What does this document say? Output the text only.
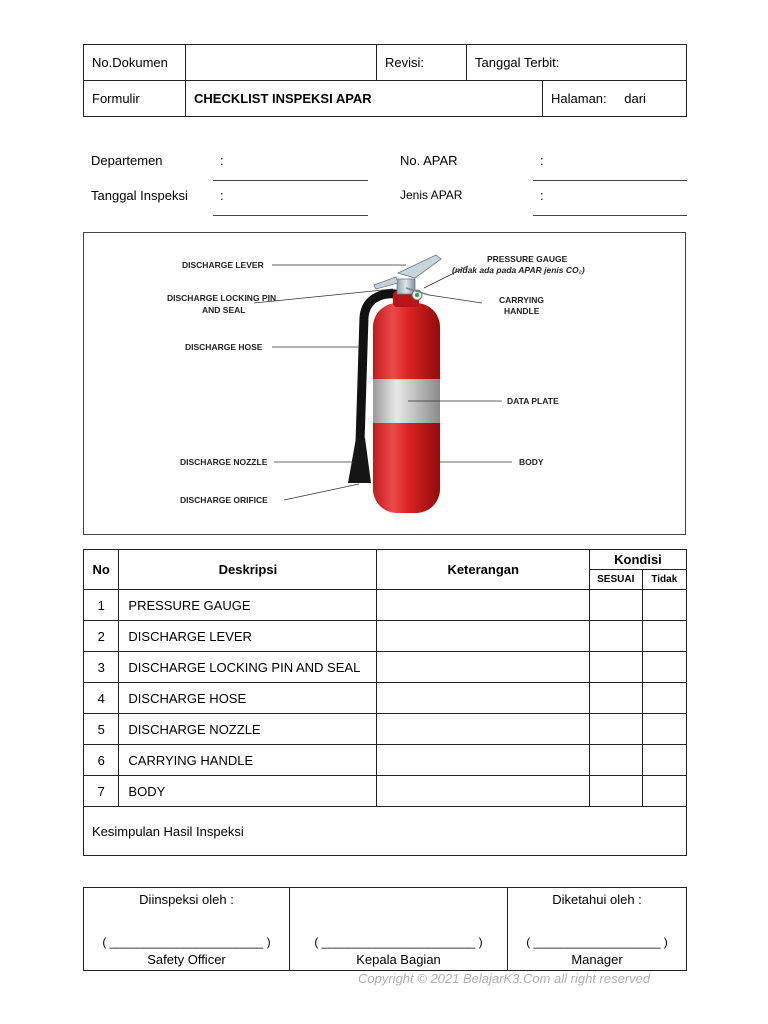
No.Dokumen		Revisi:	Tanggal Terbit:	
Formulir	CHECKLIST INSPEKSI APAR			Halaman: dari
Departemen	:	No. APAR	:
Tanggal Inspeksi :	Jenis APAR	:
DISCHARGE LEVER
DISCHARGE LOCKING PIN
AND SEAL
DISCHARGE HOSE
DISCHARGE NOZZLE
DISCHARGE ORIFICE
PRESSURE GAUGE
(nidak ada pada APAR jenis CO₂)
CARRYING
HANDLE
DATA PLATE
BODY
No	Deskripsi	Keterangan	Kondisi	
			SESUAI	Tidak
1	PRESSURE GAUGE			
2	DISCHARGE LEVER			
3	DISCHARGE LOCKING PIN AND SEAL			
4	DISCHARGE HOSE			
5	DISCHARGE NOZZLE			
6	CARRYING HANDLE			
7	BODY			
Kesimpulan Hasil Inspeksi				
Diinspeksi oleh :
( _______________________ )
Safety Officer

( _______________________ )
Kepala Bagian

Diketahui oleh :
( ___________________ )
Manager
Copyright © 2021 BelajarK3.Com all right reserved
